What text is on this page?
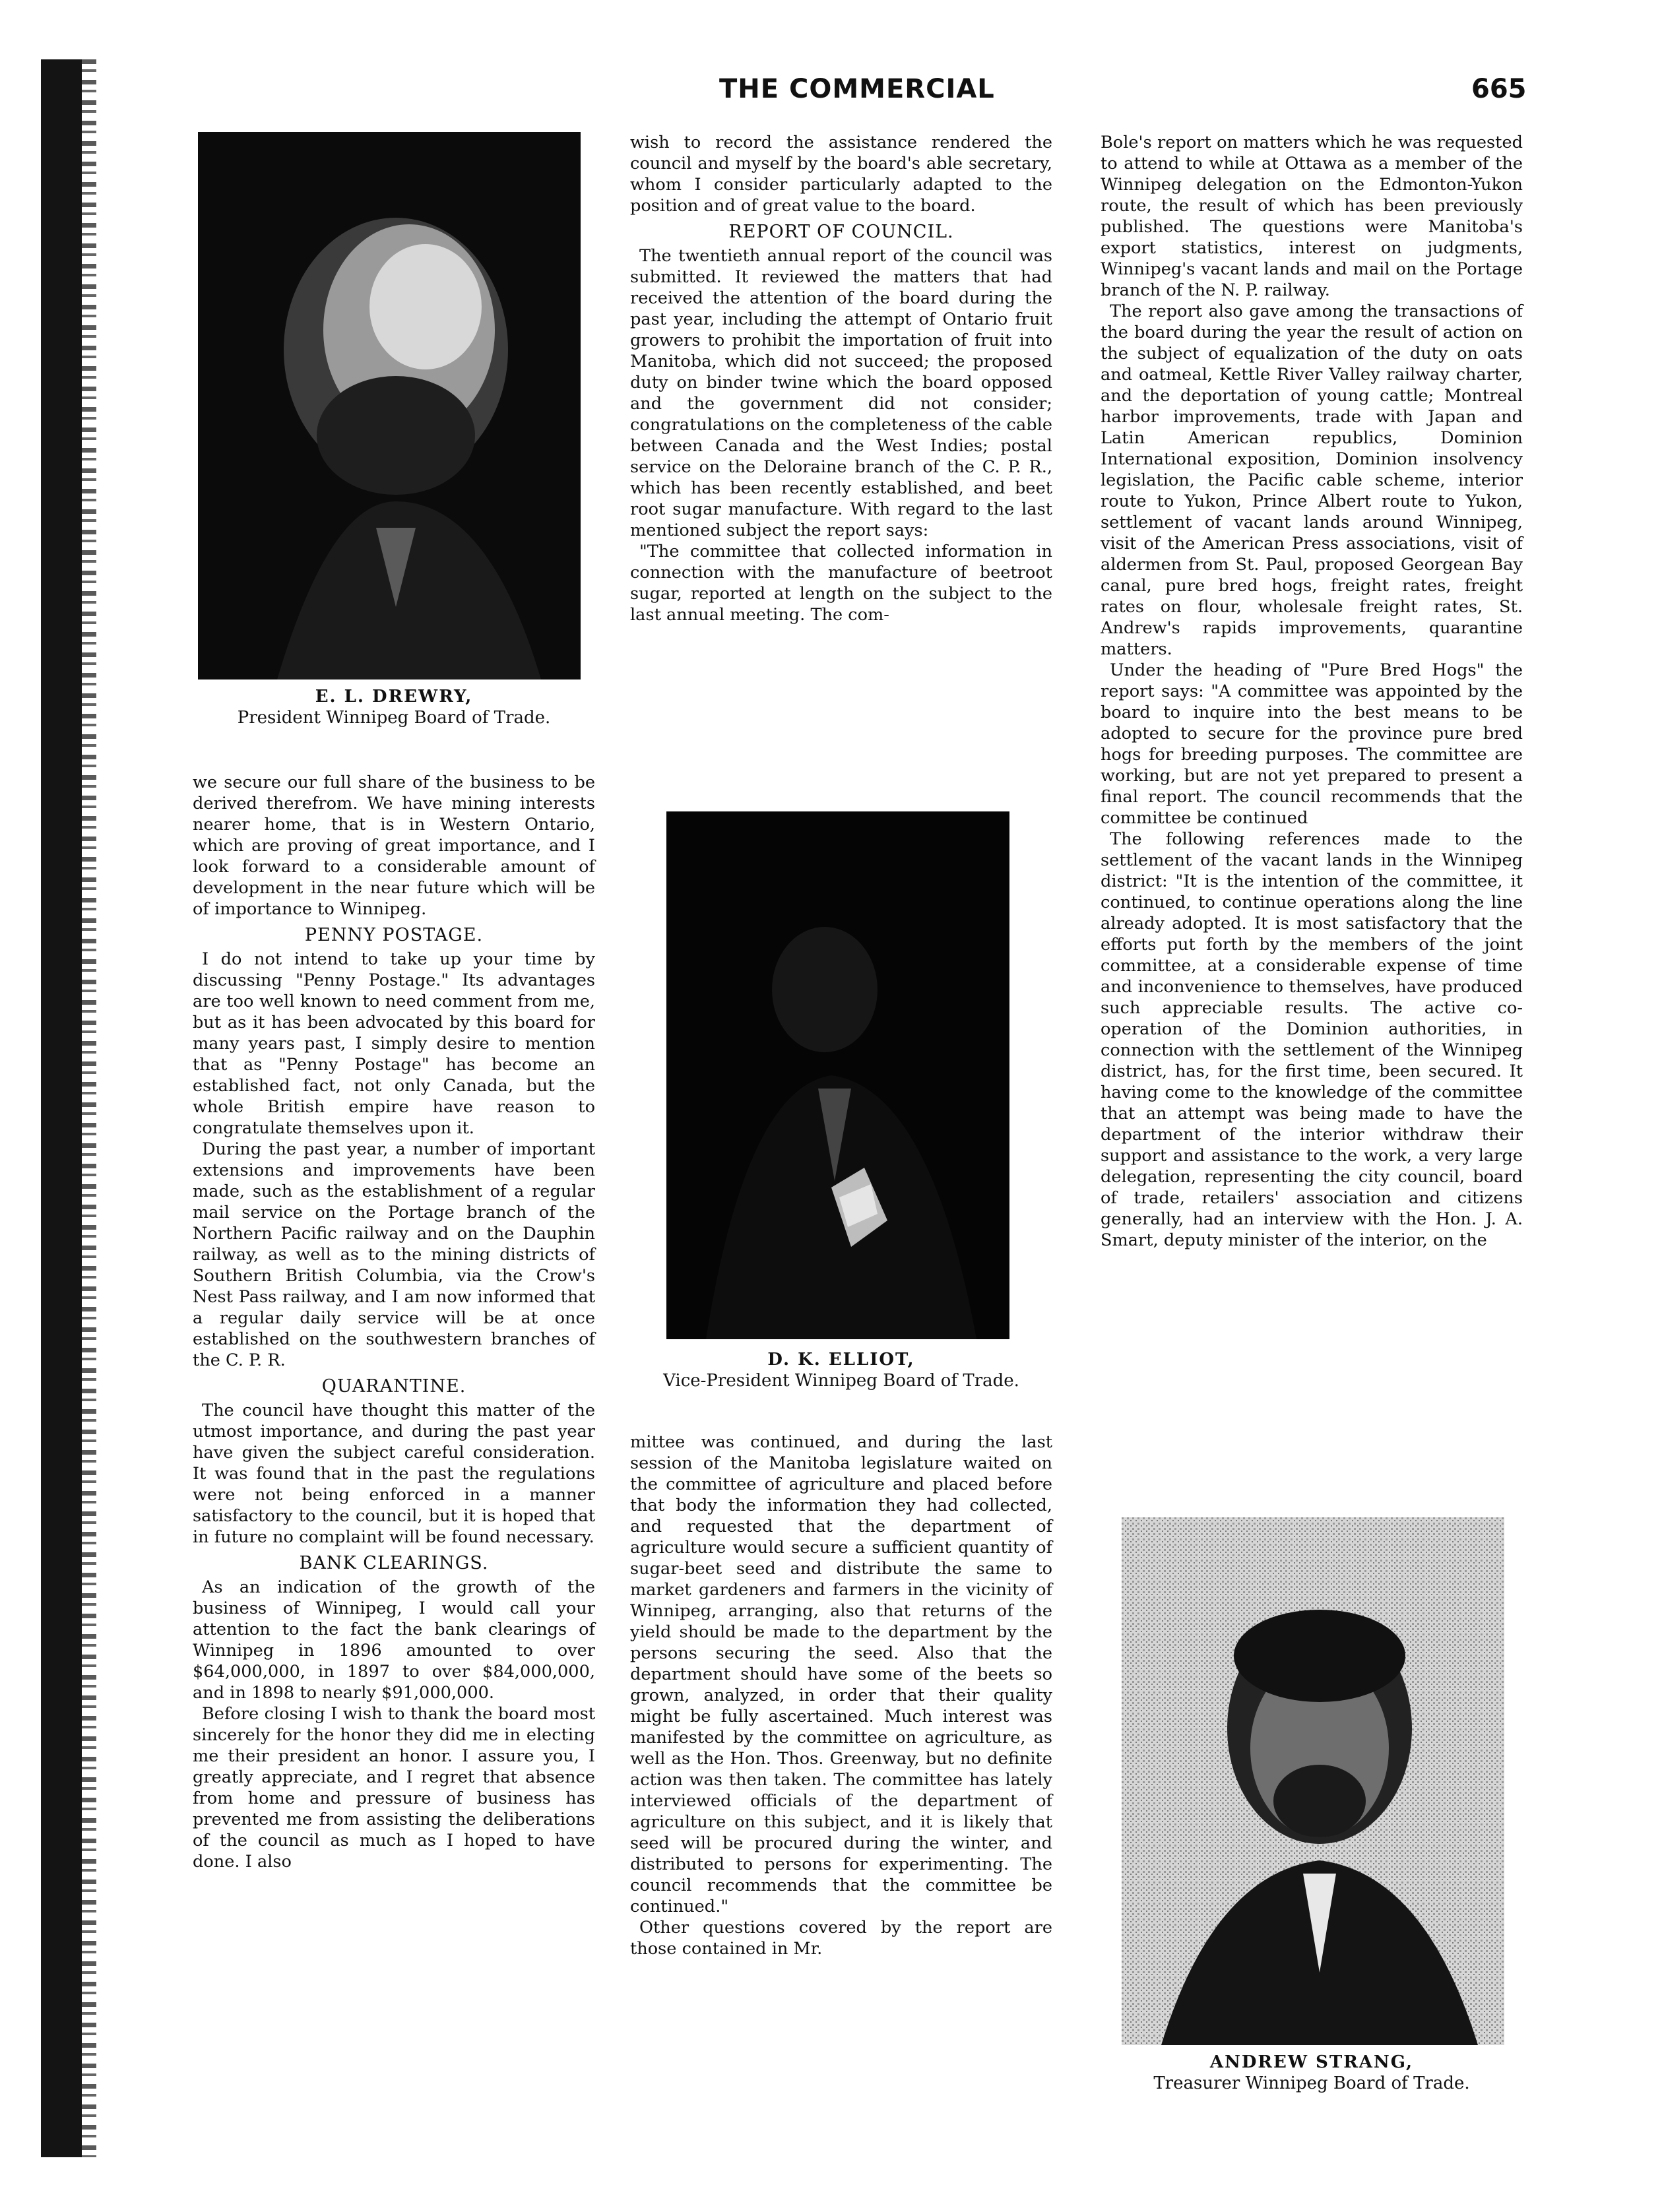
THE COMMERCIAL	665
E. L. DREWRY,
President Winnipeg Board of Trade.

we secure our full share of the business to be derived therefrom. We have mining interests nearer home, that is in Western Ontario, which are proving of great importance, and I look forward to a considerable amount of development in the near future which will be of importance to Winnipeg.

PENNY POSTAGE.

I do not intend to take up your time by discussing "Penny Postage." Its advantages are too well known to need comment from me, but as it has been advocated by this board for many years past, I simply desire to mention that as "Penny Postage" has become an established fact, not only Canada, but the whole British empire have reason to congratulate themselves upon it.

During the past year, a number of important extensions and improvements have been made, such as the establishment of a regular mail service on the Portage branch of the Northern Pacific railway and on the Dauphin railway, as well as to the mining districts of Southern British Columbia, via the Crow's Nest Pass railway, and I am now informed that a regular daily service will be at once established on the southwestern branches of the C. P. R.

QUARANTINE.

The council have thought this matter of the utmost importance, and during the past year have given the subject careful consideration. It was found that in the past the regulations were not being enforced in a manner satisfactory to the council, but it is hoped that in future no complaint will be found necessary.

BANK CLEARINGS.

As an indication of the growth of the business of Winnipeg, I would call your attention to the fact the bank clearings of Winnipeg in 1896 amounted to over $64,000,000, in 1897 to over $84,000,000, and in 1898 to nearly $91,000,000.

Before closing I wish to thank the board most sincerely for the honor they did me in electing me their president an honor. I assure you, I greatly appreciate, and I regret that absence from home and pressure of business has prevented me from assisting the deliberations of the council as much as I hoped to have done. I also

wish to record the assistance rendered the council and myself by the board's able secretary, whom I consider particularly adapted to the position and of great value to the board.

REPORT OF COUNCIL.

The twentieth annual report of the council was submitted. It reviewed the matters that had received the attention of the board during the past year, including the attempt of Ontario fruit growers to prohibit the importation of fruit into Manitoba, which did not succeed; the proposed duty on binder twine which the board opposed and the government did not consider; congratulations on the completeness of the cable between Canada and the West Indies; postal service on the Deloraine branch of the C. P. R., which has been recently established, and beet root sugar manufacture. With regard to the last mentioned subject the report says:

"The committee that collected information in connection with the manufacture of beetroot sugar, reported at length on the subject to the last annual meeting. The com-

D. K. ELLIOT,
Vice-President Winnipeg Board of Trade.

mittee was continued, and during the last session of the Manitoba legislature waited on the committee of agriculture and placed before that body the information they had collected, and requested that the department of agriculture would secure a sufficient quantity of sugar-beet seed and distribute the same to market gardeners and farmers in the vicinity of Winnipeg, arranging, also that returns of the yield should be made to the department by the persons securing the seed. Also that the department should have some of the beets so grown, analyzed, in order that their quality might be fully ascertained. Much interest was manifested by the committee on agriculture, as well as the Hon. Thos. Greenway, but no definite action was then taken. The committee has lately interviewed officials of the department of agriculture on this subject, and it is likely that seed will be procured during the winter, and distributed to persons for experimenting. The council recommends that the committee be continued."

Other questions covered by the report are those contained in Mr.

Bole's report on matters which he was requested to attend to while at Ottawa as a member of the Winnipeg delegation on the Edmonton-Yukon route, the result of which has been previously published. The questions were Manitoba's export statistics, interest on judgments, Winnipeg's vacant lands and mail on the Portage branch of the N. P. railway.

The report also gave among the transactions of the board during the year the result of action on the subject of equalization of the duty on oats and oatmeal, Kettle River Valley railway charter, and the deportation of young cattle; Montreal harbor improvements, trade with Japan and Latin American republics, Dominion International exposition, Dominion insolvency legislation, the Pacific cable scheme, interior route to Yukon, Prince Albert route to Yukon, settlement of vacant lands around Winnipeg, visit of the American Press associations, visit of aldermen from St. Paul, proposed Georgean Bay canal, pure bred hogs, freight rates, freight rates on flour, wholesale freight rates, St. Andrew's rapids improvements, quarantine matters.

Under the heading of "Pure Bred Hogs" the report says: "A committee was appointed by the board to inquire into the best means to be adopted to secure for the province pure bred hogs for breeding purposes. The committee are working, but are not yet prepared to present a final report. The council recommends that the committee be continued

The following references made to the settlement of the vacant lands in the Winnipeg district: "It is the intention of the committee, it continued, to continue operations along the line already adopted. It is most satisfactory that the efforts put forth by the members of the joint committee, at a considerable expense of time and inconvenience to themselves, have produced such appreciable results. The active co-operation of the Dominion authorities, in connection with the settlement of the Winnipeg district, has, for the first time, been secured. It having come to the knowledge of the committee that an attempt was being made to have the department of the interior withdraw their support and assistance to the work, a very large delegation, representing the city council, board of trade, retailers' association and citizens generally, had an interview with the Hon. J. A. Smart, deputy minister of the interior, on the

ANDREW STRANG,
Treasurer Winnipeg Board of Trade.
